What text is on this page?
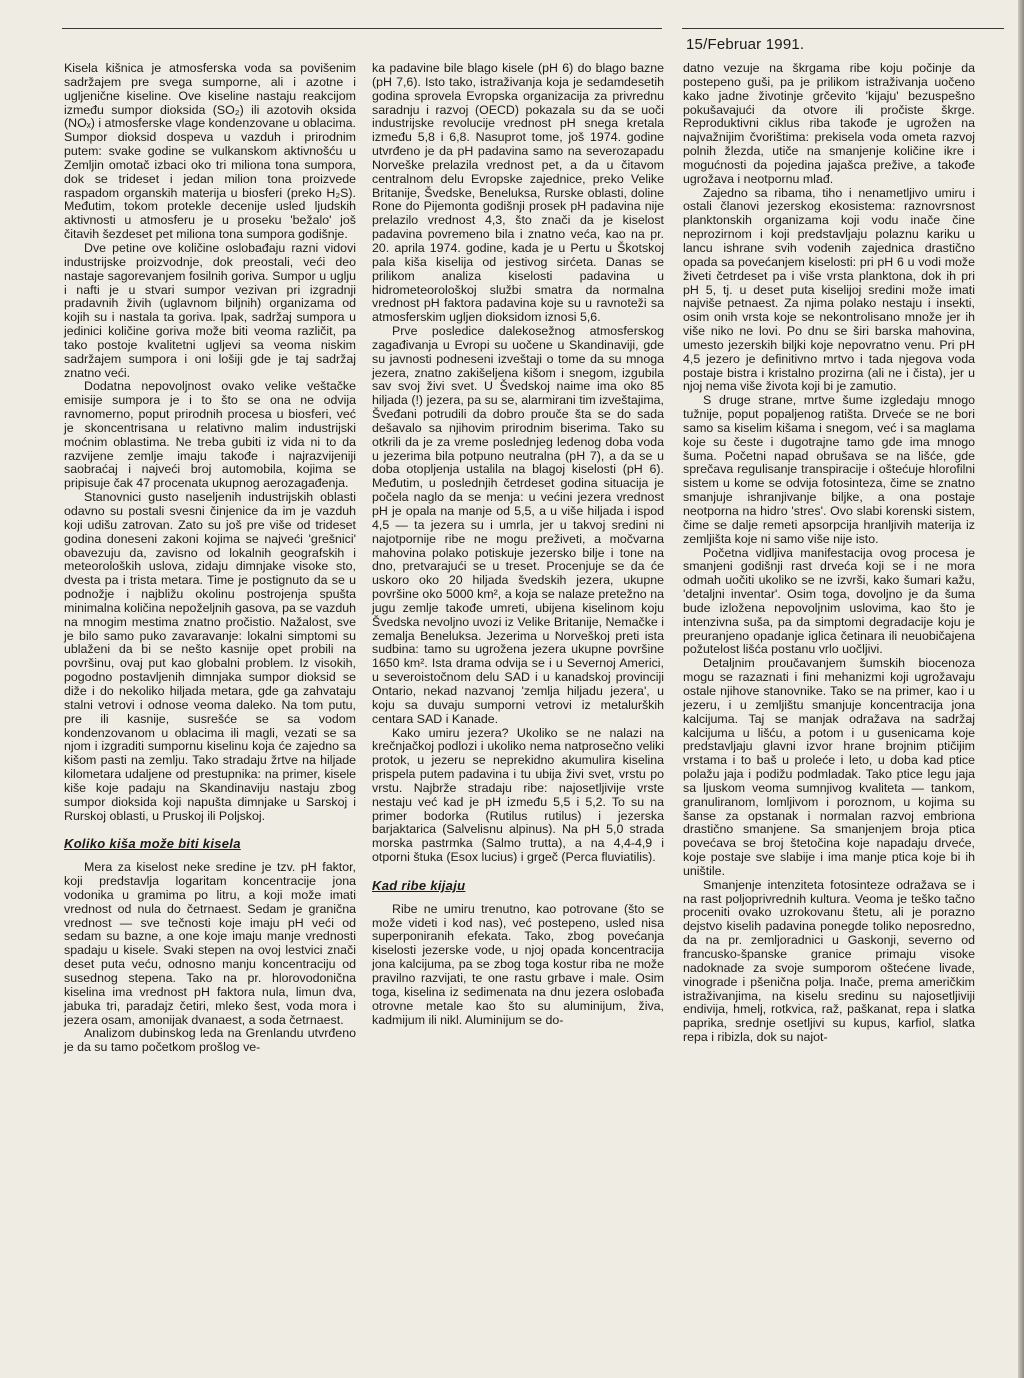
15/Februar 1991.

Kisela kišnica je atmosferska voda sa povišenim sadržajem pre svega sumporne, ali i azotne i ugljenične kiseline. Ove kiseline nastaju reakcijom između sumpor dioksida (SO₂) ili azotovih oksida (NOₓ) i atmosferske vlage kondenzovane u oblacima. Sumpor dioksid dospeva u vazduh i prirodnim putem: svake godine se vulkanskom aktivnošću u Zemljin omotač izbaci oko tri miliona tona sumpora, dok se trideset i jedan milion tona proizvede raspadom organskih materija u biosferi (preko H₂S). Međutim, tokom protekle decenije usled ljudskih aktivnosti u atmosferu je u proseku 'bežalo' još čitavih šezdeset pet miliona tona sumpora godišnje.

Dve petine ove količine oslobađaju razni vidovi industrijske proizvodnje, dok preostali, veći deo nastaje sagorevanjem fosilnih goriva. Sumpor u uglju i nafti je u stvari sumpor vezivan pri izgradnji pradavnih živih (uglavnom biljnih) organizama od kojih su i nastala ta goriva. Ipak, sadržaj sumpora u jedinici količine goriva može biti veoma različit, pa tako postoje kvalitetni ugljevi sa veoma niskim sadržajem sumpora i oni lošiji gde je taj sadržaj znatno veći.

Dodatna nepovoljnost ovako velike veštačke emisije sumpora je i to što se ona ne odvija ravnomerno, poput prirodnih procesa u biosferi, već je skoncentrisana u relativno malim industrijski moćnim oblastima. Ne treba gubiti iz vida ni to da razvijene zemlje imaju takođe i najrazvijeniji saobraćaj i najveći broj automobila, kojima se pripisuje čak 47 procenata ukupnog aerozagađenja.

Stanovnici gusto naseljenih industrijskih oblasti odavno su postali svesni činjenice da im je vazduh koji udišu zatrovan. Zato su još pre više od trideset godina doneseni zakoni kojima se najveći 'grešnici' obavezuju da, zavisno od lokalnih geografskih i meteoroloških uslova, zidaju dimnjake visoke sto, dvesta pa i trista metara. Time je postignuto da se u podnožje i najbližu okolinu postrojenja spušta minimalna količina nepoželjnih gasova, pa se vazduh na mnogim mestima znatno pročistio. Nažalost, sve je bilo samo puko zavaravanje: lokalni simptomi su ublaženi da bi se nešto kasnije opet probili na površinu, ovaj put kao globalni problem. Iz visokih, pogodno postavljenih dimnjaka sumpor dioksid se diže i do nekoliko hiljada metara, gde ga zahvataju stalni vetrovi i odnose veoma daleko. Na tom putu, pre ili kasnije, susrešće se sa vodom kondenzovanom u oblacima ili magli, vezati se sa njom i izgraditi sumpornu kiselinu koja će zajedno sa kišom pasti na zemlju. Tako stradaju žrtve na hiljade kilometara udaljene od prestupnika: na primer, kisele kiše koje padaju na Skandinaviju nastaju zbog sumpor dioksida koji napušta dimnjake u Sarskoj i Rurskoj oblasti, u Pruskoj ili Poljskoj.

Koliko kiša može biti kisela

Mera za kiselost neke sredine je tzv. pH faktor, koji predstavlja logaritam koncentracije jona vodonika u gramima po litru, a koji može imati vrednost od nula do četrnaest. Sedam je granična vrednost — sve tečnosti koje imaju pH veći od sedam su bazne, a one koje imaju manje vrednosti spadaju u kisele. Svaki stepen na ovoj lestvici znači deset puta veću, odnosno manju koncentraciju od susednog stepena. Tako na pr. hlorovodonična kiselina ima vrednost pH faktora nula, limun dva, jabuka tri, paradajz četiri, mleko šest, voda mora i jezera osam, amonijak dvanaest, a soda četrnaest.

Analizom dubinskog leda na Grenlandu utvrđeno je da su tamo početkom prošlog ve-

ka padavine bile blago kisele (pH 6) do blago bazne (pH 7,6). Isto tako, istraživanja koja je sedamdesetih godina sprovela Evropska organizacija za privrednu saradnju i razvoj (OECD) pokazala su da se uoči industrijske revolucije vrednost pH snega kretala između 5,8 i 6,8. Nasuprot tome, još 1974. godine utvrđeno je da pH padavina samo na severozapadu Norveške prelazila vrednost pet, a da u čitavom centralnom delu Evropske zajednice, preko Velike Britanije, Švedske, Beneluksa, Rurske oblasti, doline Rone do Pijemonta godišnji prosek pH padavina nije prelazilo vrednost 4,3, što znači da je kiselost padavina povremeno bila i znatno veća, kao na pr. 20. aprila 1974. godine, kada je u Pertu u Škotskoj pala kiša kiselija od jestivog sirćeta. Danas se prilikom analiza kiselosti padavina u hidrometeorološkoj službi smatra da normalna vrednost pH faktora padavina koje su u ravnoteži sa atmosferskim ugljen dioksidom iznosi 5,6.

Prve posledice dalekosežnog atmosferskog zagađivanja u Evropi su uočene u Skandinaviji, gde su javnosti podneseni izveštaji o tome da su mnoga jezera, znatno zakišeljena kišom i snegom, izgubila sav svoj živi svet. U Švedskoj naime ima oko 85 hiljada (!) jezera, pa su se, alarmirani tim izveštajima, Šveđani potrudili da dobro prouče šta se do sada dešavalo sa njihovim prirodnim biserima. Tako su otkrili da je za vreme poslednjeg ledenog doba voda u jezerima bila potpuno neutralna (pH 7), a da se u doba otopljenja ustalila na blagoj kiselosti (pH 6). Međutim, u poslednjih četrdeset godina situacija je počela naglo da se menja: u većini jezera vrednost pH je opala na manje od 5,5, a u više hiljada i ispod 4,5 — ta jezera su i umrla, jer u takvoj sredini ni najotpornije ribe ne mogu preživeti, a močvarna mahovina polako potiskuje jezersko bilje i tone na dno, pretvarajući se u treset. Procenjuje se da će uskoro oko 20 hiljada švedskih jezera, ukupne površine oko 5000 km², a koja se nalaze pretežno na jugu zemlje takođe umreti, ubijena kiselinom koju Švedska nevoljno uvozi iz Velike Britanije, Nemačke i zemalja Beneluksa. Jezerima u Norveškoj preti ista sudbina: tamo su ugrožena jezera ukupne površine 1650 km². Ista drama odvija se i u Severnoj Americi, u severoistočnom delu SAD i u kanadskoj provinciji Ontario, nekad nazvanoj 'zemlja hiljadu jezera', u koju sa duvaju sumporni vetrovi iz metalurških centara SAD i Kanade.

Kako umiru jezera? Ukoliko se ne nalazi na krečnjačkoj podlozi i ukoliko nema natprosečno veliki protok, u jezeru se neprekidno akumulira kiselina prispela putem padavina i tu ubija živi svet, vrstu po vrstu. Najbrže stradaju ribe: najosetljivije vrste nestaju već kad je pH između 5,5 i 5,2. To su na primer bodorka (Rutilus rutilus) i jezerska barjaktarica (Salvelisnu alpinus). Na pH 5,0 strada morska pastrmka (Salmo trutta), a na 4,4-4,9 i otporni štuka (Esox lucius) i grgeč (Perca fluviatilis).

Kad ribe kijaju

Ribe ne umiru trenutno, kao potrovane (što se može videti i kod nas), već postepeno, usled nisa superponiranih efekata. Tako, zbog povećanja kiselosti jezerske vode, u njoj opada koncentracija jona kalcijuma, pa se zbog toga kostur riba ne može pravilno razvijati, te one rastu grbave i male. Osim toga, kiselina iz sedimenata na dnu jezera oslobađa otrovne metale kao što su aluminijum, živa, kadmijum ili nikl. Aluminijum se do-

datno vezuje na škrgama ribe koju počinje da postepeno guši, pa je prilikom istraživanja uočeno kako jadne životinje grčevito 'kijaju' bezuspešno pokušavajući da otvore ili pročiste škrge. Reproduktivni ciklus riba takođe je ugrožen na najvažnijim čvorištima: prekisela voda ometa razvoj polnih žlezda, utiče na smanjenje količine ikre i mogućnosti da pojedina jajašca prežive, a takođe ugrožava i neotpornu mlađ.

Zajedno sa ribama, tiho i nenametljivo umiru i ostali članovi jezerskog ekosistema: raznovrsnost planktonskih organizama koji vodu inače čine neprozirnom i koji predstavljaju polaznu kariku u lancu ishrane svih vodenih zajednica drastično opada sa povećanjem kiselosti: pri pH 6 u vodi može živeti četrdeset pa i više vrsta planktona, dok ih pri pH 5, tj. u deset puta kiselijoj sredini može imati najviše petnaest. Za njima polako nestaju i insekti, osim onih vrsta koje se nekontrolisano množe jer ih više niko ne lovi. Po dnu se širi barska mahovina, umesto jezerskih biljki koje nepovratno venu. Pri pH 4,5 jezero je definitivno mrtvo i tada njegova voda postaje bistra i kristalno prozirna (ali ne i čista), jer u njoj nema više života koji bi je zamutio.

S druge strane, mrtve šume izgledaju mnogo tužnije, poput popaljenog ratišta. Drveće se ne bori samo sa kiselim kišama i snegom, već i sa maglama koje su česte i dugotrajne tamo gde ima mnogo šuma. Početni napad obrušava se na lišće, gde sprečava regulisanje transpiracije i oštećuje hlorofilni sistem u kome se odvija fotosinteza, čime se znatno smanjuje ishranjivanje biljke, a ona postaje neotporna na hidro 'stres'. Ovo slabi korenski sistem, čime se dalje remeti apsorpcija hranljivih materija iz zemljišta koje ni samo više nije isto.

Početna vidljiva manifestacija ovog procesa je smanjeni godišnji rast drveća koji se i ne mora odmah uočiti ukoliko se ne izvrši, kako šumari kažu, 'detaljni inventar'. Osim toga, dovoljno je da šuma bude izložena nepovoljnim uslovima, kao što je intenzivna suša, pa da simptomi degradacije koju je preuranjeno opadanje iglica četinara ili neuobičajena požutelost lišća postanu vrlo uočljivi.

Detaljnim proučavanjem šumskih biocenoza mogu se razaznati i fini mehanizmi koji ugrožavaju ostale njihove stanovnike. Tako se na primer, kao i u jezeru, i u zemljištu smanjuje koncentracija jona kalcijuma. Taj se manjak odražava na sadržaj kalcijuma u lišću, a potom i u gusenicama koje predstavljaju glavni izvor hrane brojnim ptičijim vrstama i to baš u proleće i leto, u doba kad ptice polažu jaja i podižu podmladak. Tako ptice legu jaja sa ljuskom veoma sumnjivog kvaliteta — tankom, granuliranom, lomljivom i poroznom, u kojima su šanse za opstanak i normalan razvoj embriona drastično smanjene. Sa smanjenjem broja ptica povećava se broj štetočina koje napadaju drveće, koje postaje sve slabije i ima manje ptica koje bi ih uništile.

Smanjenje intenziteta fotosinteze odražava se i na rast poljoprivrednih kultura. Veoma je teško tačno proceniti ovako uzrokovanu štetu, ali je porazno dejstvo kiselih padavina ponegde toliko neposredno, da na pr. zemljoradnici u Gaskonji, severno od francusko-španske granice primaju visoke nadoknade za svoje sumporom oštećene livade, vinograde i pšenična polja. Inače, prema američkim istraživanjima, na kiselu sredinu su najosetljiviji endivija, hmelj, rotkvica, raž, paškanat, repa i slatka paprika, srednje osetljivi su kupus, karfiol, slatka repa i ribizla, dok su najot-
